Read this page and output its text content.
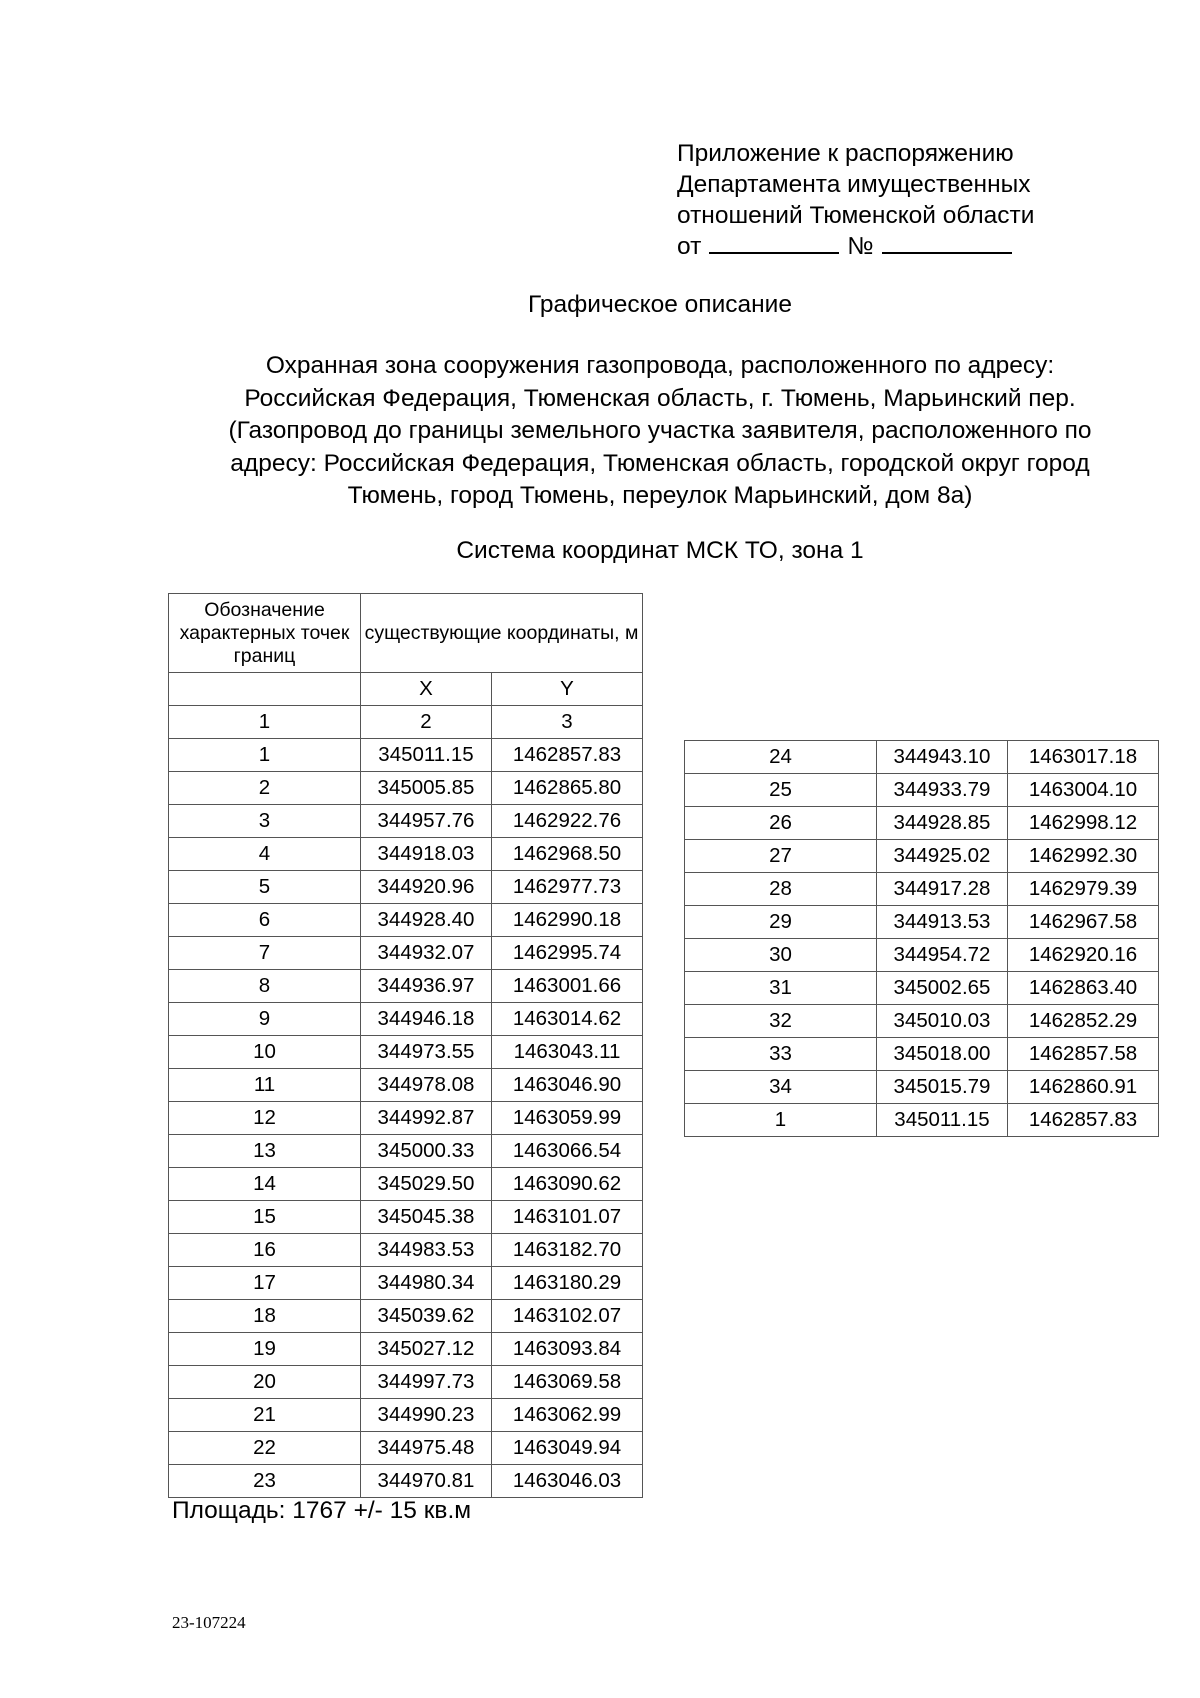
Приложение к распоряжению
Департамента имущественных
отношений Тюменской области
от	№
Графическое описание
Охранная зона сооружения газопровода, расположенного по адресу:
Российская Федерация, Тюменская область, г. Тюмень, Марьинский пер.
(Газопровод до границы земельного участка заявителя, расположенного по
адресу: Российская Федерация, Тюменская область, городской округ город
Тюмень, город Тюмень, переулок Марьинский, дом 8а)
Система координат МСК ТО, зона 1
Обозначение характерных точек границ	существующие координаты, м	
	X	Y
1	2	3
1	345011.15	1462857.83
2	345005.85	1462865.80
3	344957.76	1462922.76
4	344918.03	1462968.50
5	344920.96	1462977.73
6	344928.40	1462990.18
7	344932.07	1462995.74
8	344936.97	1463001.66
9	344946.18	1463014.62
10	344973.55	1463043.11
11	344978.08	1463046.90
12	344992.87	1463059.99
13	345000.33	1463066.54
14	345029.50	1463090.62
15	345045.38	1463101.07
16	344983.53	1463182.70
17	344980.34	1463180.29
18	345039.62	1463102.07
19	345027.12	1463093.84
20	344997.73	1463069.58
21	344990.23	1463062.99
22	344975.48	1463049.94
23	344970.81	1463046.03
24	344943.10	1463017.18
25	344933.79	1463004.10
26	344928.85	1462998.12
27	344925.02	1462992.30
28	344917.28	1462979.39
29	344913.53	1462967.58
30	344954.72	1462920.16
31	345002.65	1462863.40
32	345010.03	1462852.29
33	345018.00	1462857.58
34	345015.79	1462860.91
1	345011.15	1462857.83
Площадь: 1767 +/- 15 кв.м
23-107224
